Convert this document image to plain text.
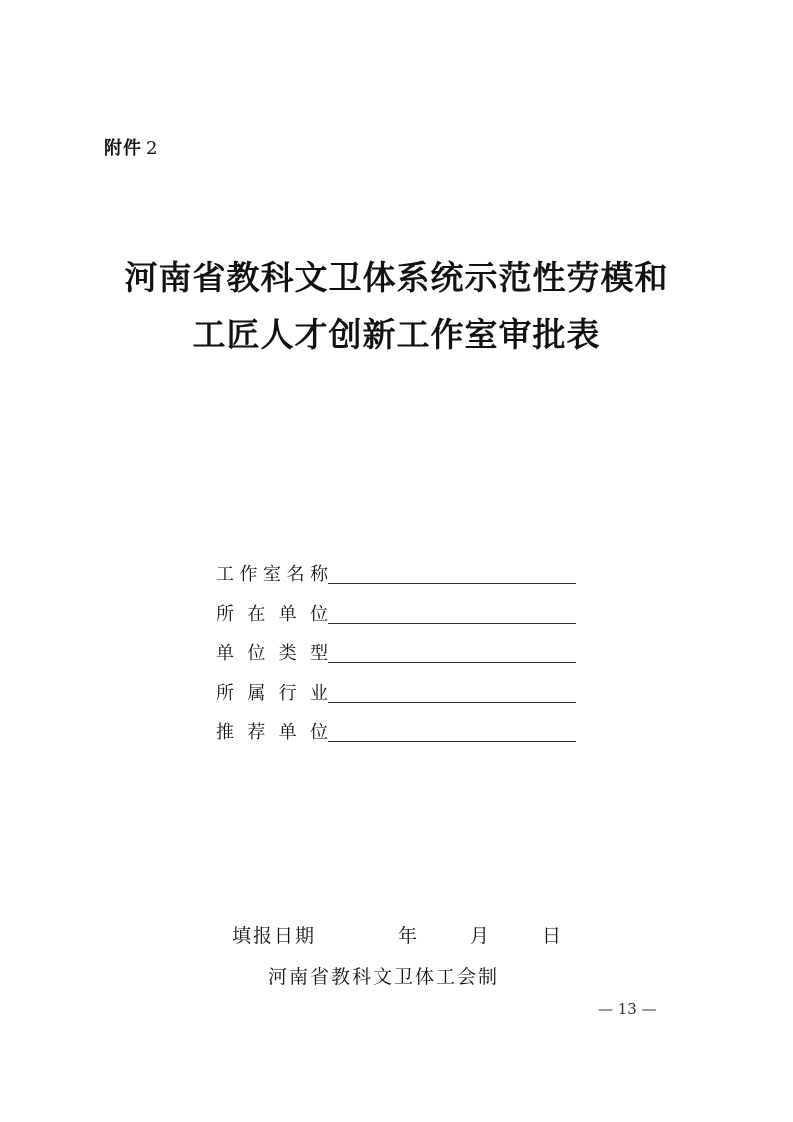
附件 2
河南省教科文卫体系统示范性劳模和
工匠人才创新工作室审批表
工作室名称
所在单位
单位类型
所属行业
推荐单位
填报日期	年	月	日
河南省教科文卫体工会制
— 13 —
